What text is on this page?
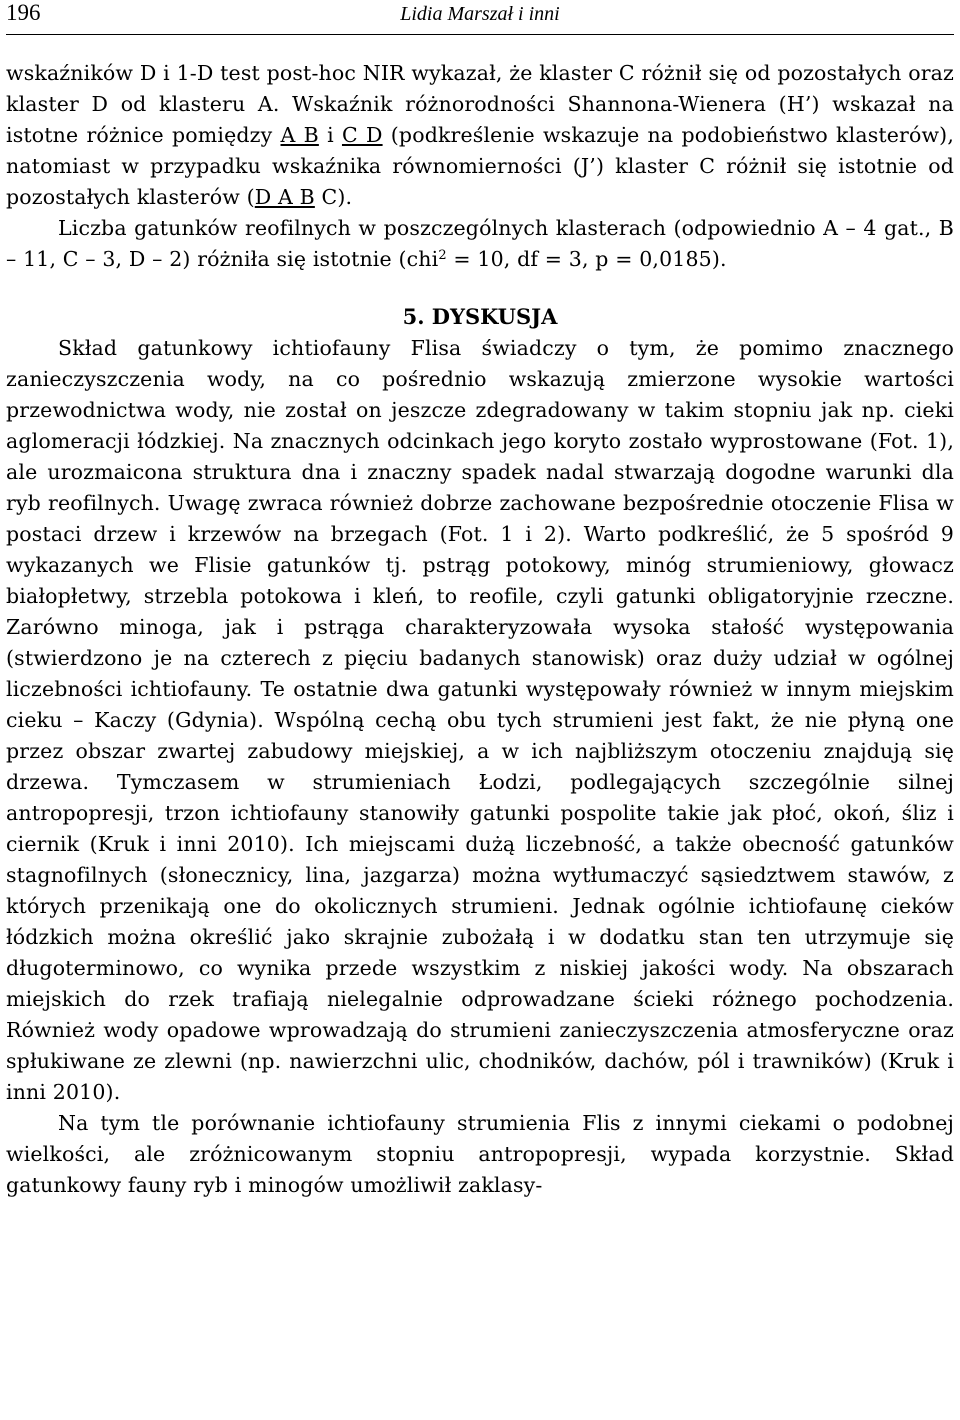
196	Lidia Marszał i inni

wskaźników D i 1-D test post-hoc NIR wykazał, że klaster C różnił się od pozostałych oraz klaster D od klasteru A. Wskaźnik różnorodności Shannona-Wienera (H’) wskazał na istotne różnice pomiędzy A B i C D (podkreślenie wskazuje na podobieństwo klasterów), natomiast w przypadku wskaźnika równomierności (J’) klaster C różnił się istotnie od pozostałych klasterów (D A B C).

Liczba gatunków reofilnych w poszczególnych klasterach (odpowiednio A – 4 gat., B – 11, C – 3, D – 2) różniła się istotnie (chi$^2$ = 10, df = 3, p = 0,0185).

5. DYSKUSJA

Skład gatunkowy ichtiofauny Flisa świadczy o tym, że pomimo znacznego zanieczyszczenia wody, na co pośrednio wskazują zmierzone wysokie wartości przewodnictwa wody, nie został on jeszcze zdegradowany w takim stopniu jak np. cieki aglomeracji łódzkiej. Na znacznych odcinkach jego koryto zostało wyprostowane (Fot. 1), ale urozmaicona struktura dna i znaczny spadek nadal stwarzają dogodne warunki dla ryb reofilnych. Uwagę zwraca również dobrze zachowane bezpośrednie otoczenie Flisa w postaci drzew i krzewów na brzegach (Fot. 1 i 2). Warto podkreślić, że 5 spośród 9 wykazanych we Flisie gatunków tj. pstrąg potokowy, minóg strumieniowy, głowacz białopłetwy, strzebla potokowa i kleń, to reofile, czyli gatunki obligatoryjnie rzeczne. Zarówno minoga, jak i pstrąga charakteryzowała wysoka stałość występowania (stwierdzono je na czterech z pięciu badanych stanowisk) oraz duży udział w ogólnej liczebności ichtiofauny. Te ostatnie dwa gatunki występowały również w innym miejskim cieku – Kaczy (Gdynia). Wspólną cechą obu tych strumieni jest fakt, że nie płyną one przez obszar zwartej zabudowy miejskiej, a w ich najbliższym otoczeniu znajdują się drzewa. Tymczasem w strumieniach Łodzi, podlegających szczególnie silnej antropopresji, trzon ichtiofauny stanowiły gatunki pospolite takie jak płoć, okoń, śliz i ciernik (Kruk i inni 2010). Ich miejscami dużą liczebność, a także obecność gatunków stagnofilnych (słonecznicy, lina, jazgarza) można wytłumaczyć sąsiedztwem stawów, z których przenikają one do okolicznych strumieni. Jednak ogólnie ichtiofaunę cieków łódzkich można określić jako skrajnie zubożałą i w dodatku stan ten utrzymuje się długoterminowo, co wynika przede wszystkim z niskiej jakości wody. Na obszarach miejskich do rzek trafiają nielegalnie odprowadzane ścieki różnego pochodzenia. Również wody opadowe wprowadzają do strumieni zanieczyszczenia atmosferyczne oraz spłukiwane ze zlewni (np. nawierzchni ulic, chodników, dachów, pól i trawników) (Kruk i inni 2010).

Na tym tle porównanie ichtiofauny strumienia Flis z innymi ciekami o podobnej wielkości, ale zróżnicowanym stopniu antropopresji, wypada korzystnie. Skład gatunkowy fauny ryb i minogów umożliwił zaklasy-
